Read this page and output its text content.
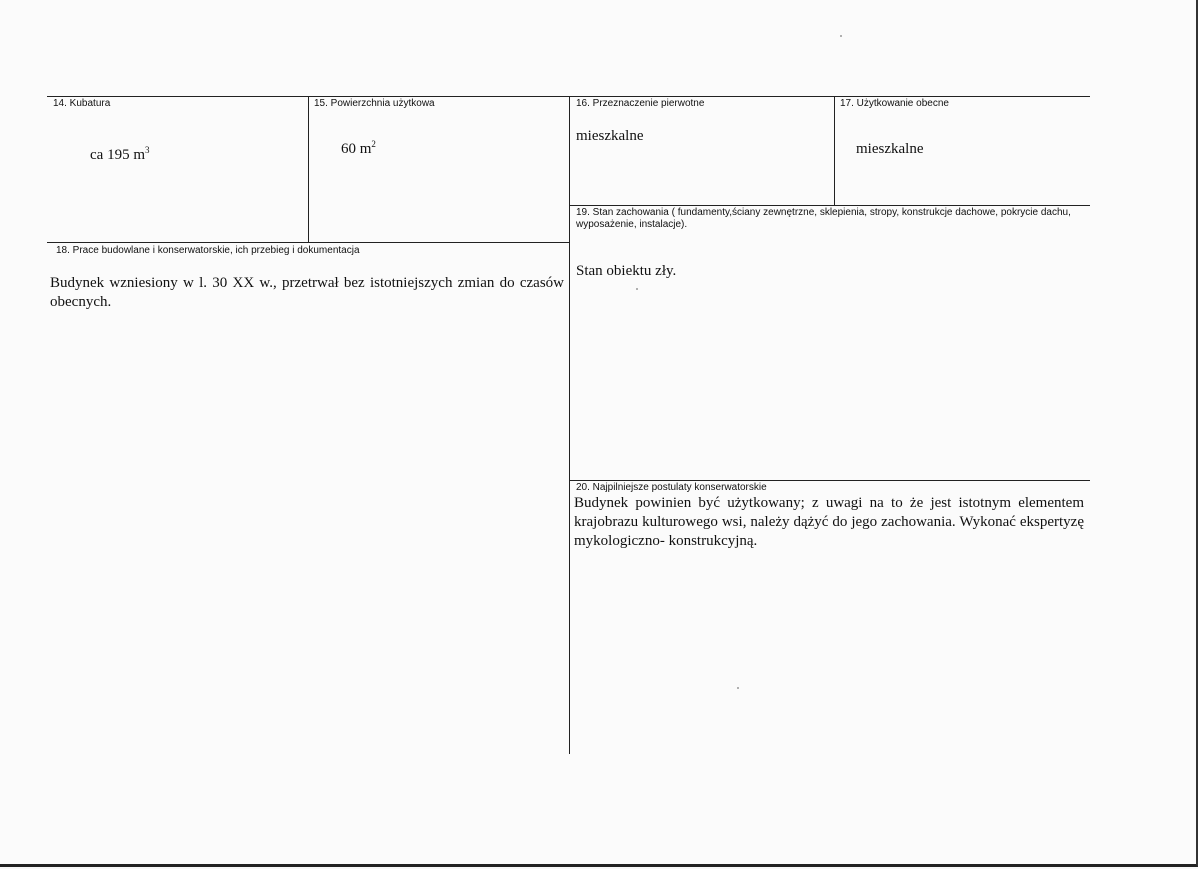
14. Kubatura
ca 195 $m^3$
15. Powierzchnia użytkowa
60 $m^2$
16. Przeznaczenie pierwotne
mieszkalne
17. Użytkowanie obecne
mieszkalne
19. Stan zachowania ( fundamenty,ściany zewnętrzne, sklepienia, stropy, konstrukcje dachowe, pokrycie dachu, wyposażenie, instalacje).
Stan obiektu zły.
18. Prace budowlane i konserwatorskie, ich przebieg i dokumentacja
Budynek wzniesiony w l. 30 XX w., przetrwał bez istotniejszych zmian do czasów obecnych.
20. Najpilniejsze postulaty konserwatorskie
Budynek powinien być użytkowany; z uwagi na to że jest istotnym elementem krajobrazu kulturowego wsi, należy dążyć do jego zachowania. Wykonać ekspertyzę mykologiczno- konstrukcyjną.
